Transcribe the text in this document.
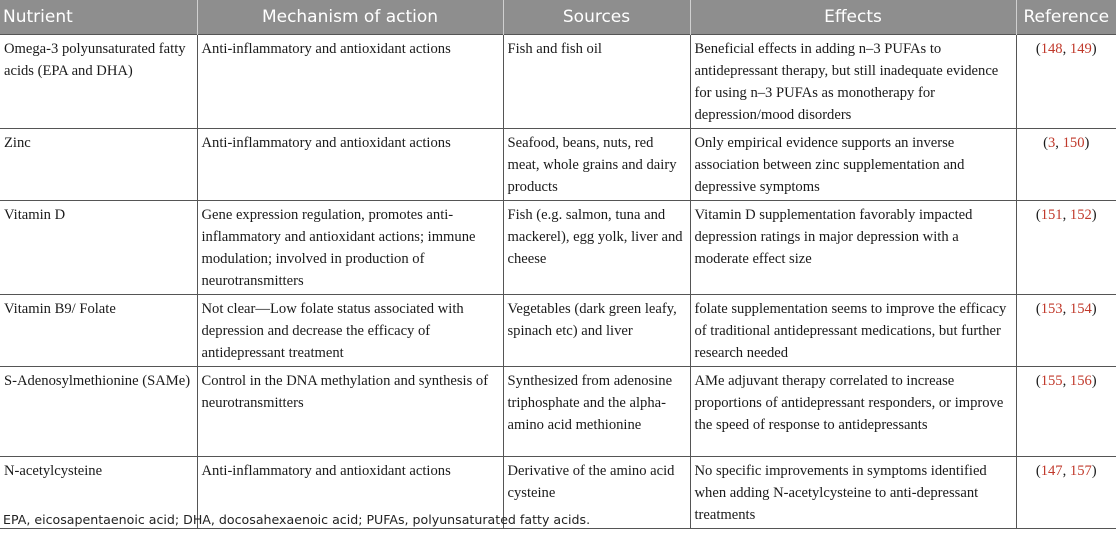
Nutrient	Mechanism of action	Sources	Effects	Reference
Omega-3 polyunsaturated fatty acids (EPA and DHA)	Anti-inflammatory and antioxidant actions	Fish and fish oil	Beneficial effects in adding n–3 PUFAs to antidepressant therapy, but still inadequate evidence for using n–3 PUFAs as monotherapy for depression/mood disorders	(148, 149)
Zinc	Anti-inflammatory and antioxidant actions	Seafood, beans, nuts, red meat, whole grains and dairy products	Only empirical evidence supports an inverse association between zinc supplementation and depressive symptoms	(3, 150)
Vitamin D	Gene expression regulation, promotes anti-inflammatory and antioxidant actions; immune modulation; involved in production of neurotransmitters	Fish (e.g. salmon, tuna and mackerel), egg yolk, liver and cheese	Vitamin D supplementation favorably impacted depression ratings in major depression with a moderate effect size	(151, 152)
Vitamin B9/ Folate	Not clear—Low folate status associated with depression and decrease the efficacy of antidepressant treatment	Vegetables (dark green leafy, spinach etc) and liver	folate supplementation seems to improve the efficacy of traditional antidepressant medications, but further research needed	(153, 154)
S-Adenosylmethionine (SAMe)	Control in the DNA methylation and synthesis of neurotransmitters	Synthesized from adenosine triphosphate and the alpha-amino acid methionine	AMe adjuvant therapy correlated to increase proportions of antidepressant responders, or improve the speed of response to antidepressants	(155, 156)
N-acetylcysteine	Anti-inflammatory and antioxidant actions	Derivative of the amino acid cysteine	No specific improvements in symptoms identified when adding N-acetylcysteine to anti-depressant treatments	(147, 157)
EPA, eicosapentaenoic acid; DHA, docosahexaenoic acid; PUFAs, polyunsaturated fatty acids.
